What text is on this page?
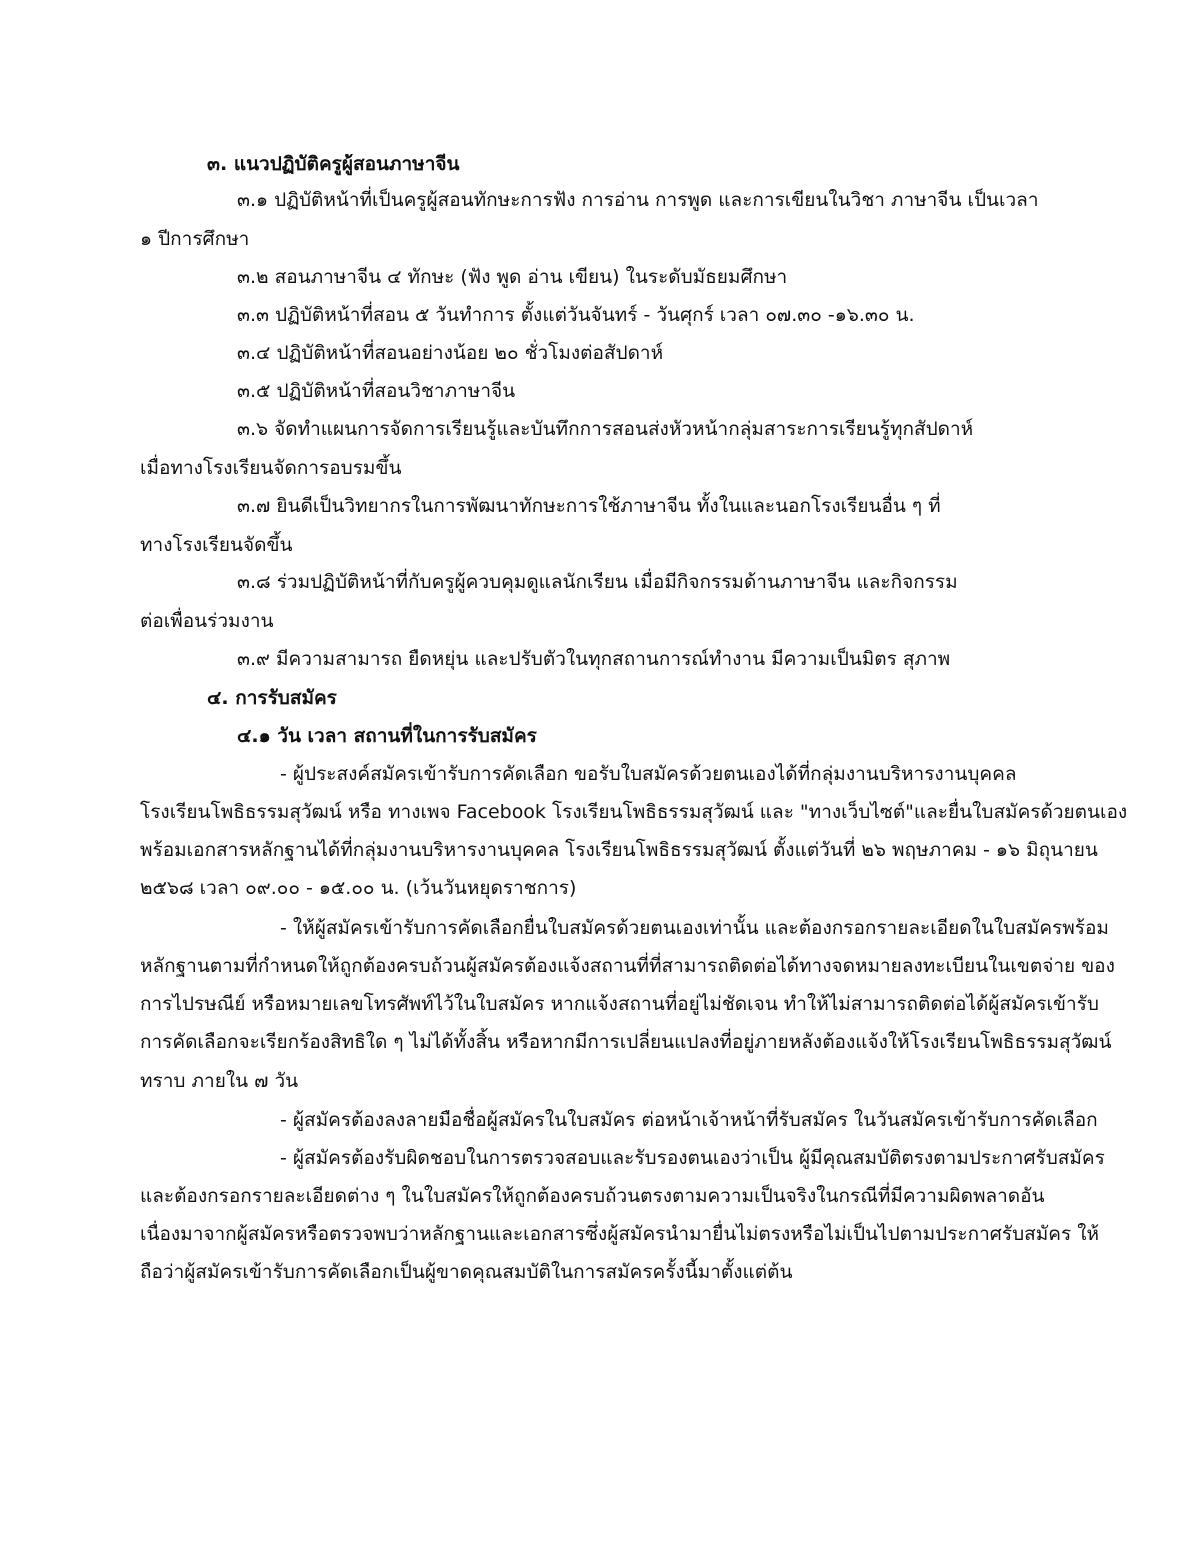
๓. แนวปฏิบัติครูผู้สอนภาษาจีน
๓.๑ ปฏิบัติหน้าที่เป็นครูผู้สอนทักษะการฟัง การอ่าน การพูด และการเขียนในวิชา ภาษาจีน เป็นเวลา
๑ ปีการศึกษา
๓.๒ สอนภาษาจีน ๔ ทักษะ (ฟัง พูด อ่าน เขียน) ในระดับมัธยมศึกษา
๓.๓ ปฏิบัติหน้าที่สอน ๕ วันทำการ ตั้งแต่วันจันทร์ - วันศุกร์ เวลา ๐๗.๓๐ -๑๖.๓๐ น.
๓.๔ ปฏิบัติหน้าที่สอนอย่างน้อย ๒๐ ชั่วโมงต่อสัปดาห์
๓.๕ ปฏิบัติหน้าที่สอนวิชาภาษาจีน
๓.๖ จัดทำแผนการจัดการเรียนรู้และบันทึกการสอนส่งหัวหน้ากลุ่มสาระการเรียนรู้ทุกสัปดาห์
เมื่อทางโรงเรียนจัดการอบรมขึ้น
๓.๗ ยินดีเป็นวิทยากรในการพัฒนาทักษะการใช้ภาษาจีน ทั้งในและนอกโรงเรียนอื่น ๆ ที่
ทางโรงเรียนจัดขึ้น
๓.๘ ร่วมปฏิบัติหน้าที่กับครูผู้ควบคุมดูแลนักเรียน เมื่อมีกิจกรรมด้านภาษาจีน และกิจกรรม
ต่อเพื่อนร่วมงาน
๓.๙ มีความสามารถ ยืดหยุ่น และปรับตัวในทุกสถานการณ์ทำงาน มีความเป็นมิตร สุภาพ
๔. การรับสมัคร
๔.๑ วัน เวลา สถานที่ในการรับสมัคร
- ผู้ประสงค์สมัครเข้ารับการคัดเลือก ขอรับใบสมัครด้วยตนเองได้ที่กลุ่มงานบริหารงานบุคคล
โรงเรียนโพธิธรรมสุวัฒน์ หรือ ทางเพจ Facebook โรงเรียนโพธิธรรมสุวัฒน์ และ "ทางเว็บไซต์"และยื่นใบสมัครด้วยตนเอง
พร้อมเอกสารหลักฐานได้ที่กลุ่มงานบริหารงานบุคคล โรงเรียนโพธิธรรมสุวัฒน์ ตั้งแต่วันที่ ๒๖ พฤษภาคม - ๑๖ มิถุนายน
๒๕๖๘ เวลา ๐๙.๐๐ - ๑๕.๐๐ น. (เว้นวันหยุดราชการ)
- ให้ผู้สมัครเข้ารับการคัดเลือกยื่นใบสมัครด้วยตนเองเท่านั้น และต้องกรอกรายละเอียดในใบสมัครพร้อม
หลักฐานตามที่กำหนดให้ถูกต้องครบถ้วนผู้สมัครต้องแจ้งสถานที่ที่สามารถติดต่อได้ทางจดหมายลงทะเบียนในเขตจ่าย ของ
การไปรษณีย์ หรือหมายเลขโทรศัพท์ไว้ในใบสมัคร หากแจ้งสถานที่อยู่ไม่ชัดเจน ทำให้ไม่สามารถติดต่อได้ผู้สมัครเข้ารับ
การคัดเลือกจะเรียกร้องสิทธิใด ๆ ไม่ได้ทั้งสิ้น หรือหากมีการเปลี่ยนแปลงที่อยู่ภายหลังต้องแจ้งให้โรงเรียนโพธิธรรมสุวัฒน์
ทราบ ภายใน ๗ วัน
- ผู้สมัครต้องลงลายมือชื่อผู้สมัครในใบสมัคร ต่อหน้าเจ้าหน้าที่รับสมัคร ในวันสมัครเข้ารับการคัดเลือก
- ผู้สมัครต้องรับผิดชอบในการตรวจสอบและรับรองตนเองว่าเป็น ผู้มีคุณสมบัติตรงตามประกาศรับสมัคร
และต้องกรอกรายละเอียดต่าง ๆ ในใบสมัครให้ถูกต้องครบถ้วนตรงตามความเป็นจริงในกรณีที่มีความผิดพลาดอัน
เนื่องมาจากผู้สมัครหรือตรวจพบว่าหลักฐานและเอกสารซึ่งผู้สมัครนำมายื่นไม่ตรงหรือไม่เป็นไปตามประกาศรับสมัคร ให้
ถือว่าผู้สมัครเข้ารับการคัดเลือกเป็นผู้ขาดคุณสมบัติในการสมัครครั้งนี้มาตั้งแต่ต้น
